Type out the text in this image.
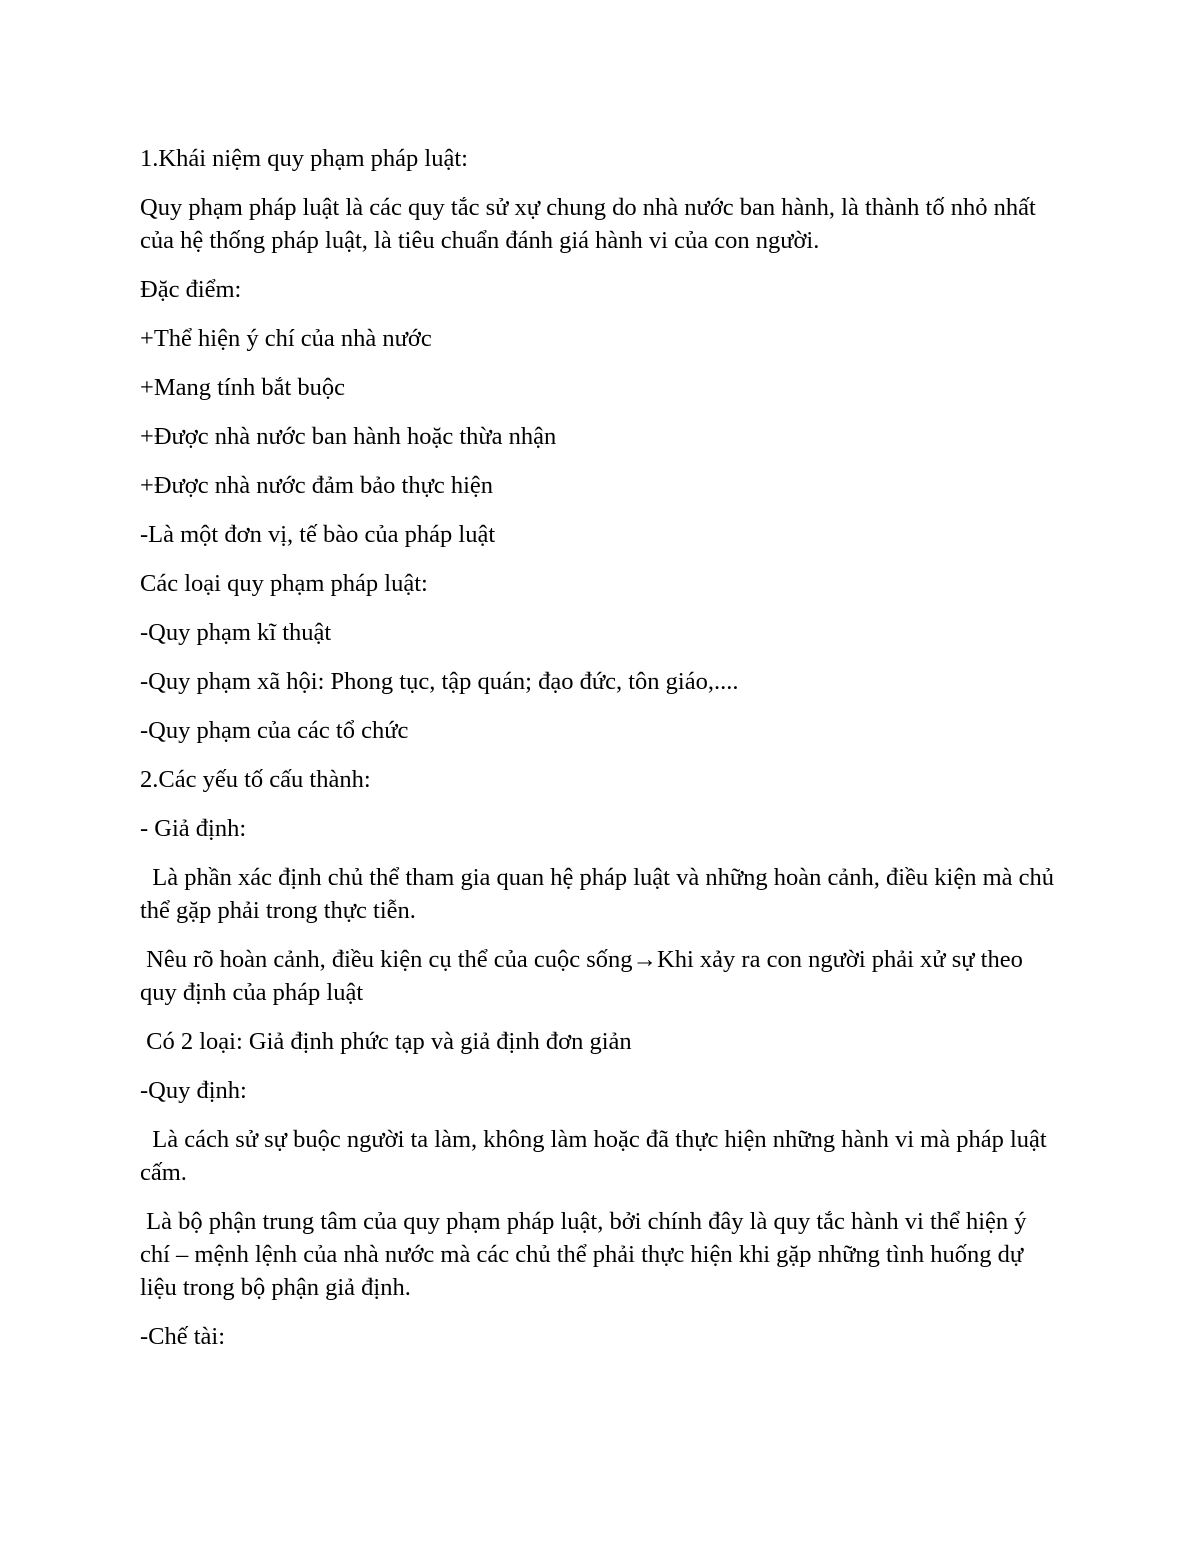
1.Khái niệm quy phạm pháp luật:

Quy phạm pháp luật là các quy tắc sử xự chung do nhà nước ban hành, là thành tố nhỏ nhất của hệ thống pháp luật, là tiêu chuẩn đánh giá hành vi của con người.

Đặc điểm:

+Thể hiện ý chí của nhà nước

+Mang tính bắt buộc

+Được nhà nước ban hành hoặc thừa nhận

+Được nhà nước đảm bảo thực hiện

-Là một đơn vị, tế bào của pháp luật

Các loại quy phạm pháp luật:

-Quy phạm kĩ thuật

-Quy phạm xã hội: Phong tục, tập quán; đạo đức, tôn giáo,....

-Quy phạm của các tổ chức

2.Các yếu tố cấu thành:

- Giả định:

Là phần xác định chủ thể tham gia quan hệ pháp luật và những hoàn cảnh, điều kiện mà chủ thể gặp phải trong thực tiễn.

Nêu rõ hoàn cảnh, điều kiện cụ thể của cuộc sống→Khi xảy ra con người phải xử sự theo quy định của pháp luật

Có 2 loại: Giả định phức tạp và giả định đơn giản

-Quy định:

Là cách sử sự buộc người ta làm, không làm hoặc đã thực hiện những hành vi mà pháp luật cấm.

Là bộ phận trung tâm của quy phạm pháp luật, bởi chính đây là quy tắc hành vi thể hiện ý chí – mệnh lệnh của nhà nước mà các chủ thể phải thực hiện khi gặp những tình huống dự liệu trong bộ phận giả định.

-Chế tài:
